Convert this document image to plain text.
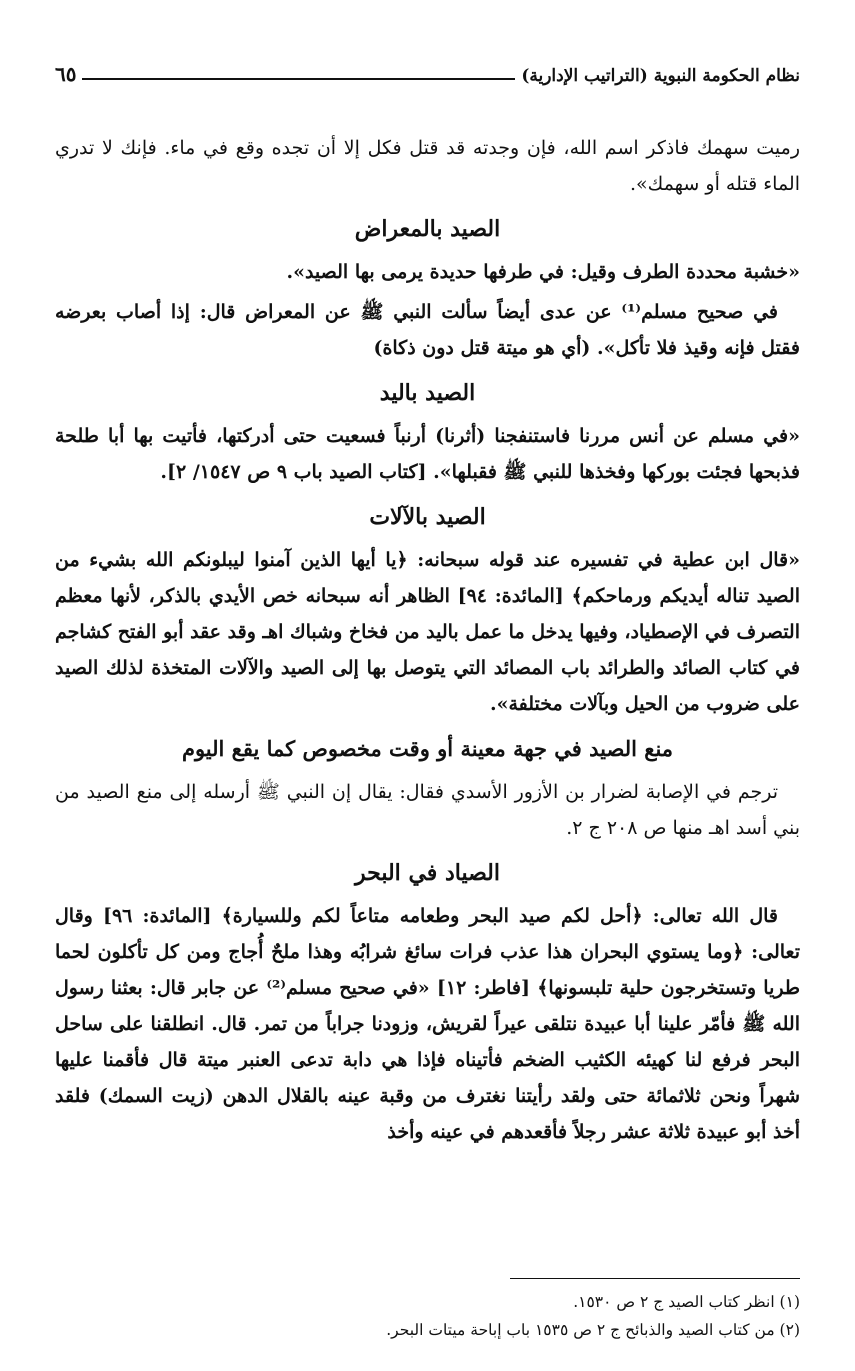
نظام الحكومة النبوية (التراتيب الإدارية)
٦٥

رميت سهمك فاذكر اسم الله، فإن وجدته قد قتل فكل إلا أن تجده وقع في ماء. فإنك لا تدري الماء قتله أو سهمك».

الصيد بالمعراض

«خشبة محددة الطرف وقيل: في طرفها حديدة يرمى بها الصيد».

في صحيح مسلم⁽¹⁾ عن عدى أيضاً سألت النبي ﷺ عن المعراض قال: إذا أصاب بعرضه فقتل فإنه وقيذ فلا تأكل». (أي هو ميتة قتل دون ذكاة)

الصيد باليد

«في مسلم عن أنس مررنا فاستنفجنا (أثرنا) أرنباً فسعيت حتى أدركتها، فأتيت بها أبا طلحة فذبحها فجئت بوركها وفخذها للنبي ﷺ فقبلها». [كتاب الصيد باب ٩ ص ١٥٤٧/ ٢].

الصيد بالآلات

«قال ابن عطية في تفسيره عند قوله سبحانه: ﴿يا أيها الذين آمنوا ليبلونكم الله بشيء من الصيد تناله أيديكم ورماحكم﴾ [المائدة: ٩٤] الظاهر أنه سبحانه خص الأيدي بالذكر، لأنها معظم التصرف في الإصطياد، وفيها يدخل ما عمل باليد من فخاخ وشباك اهـ وقد عقد أبو الفتح كشاجم في كتاب الصائد والطرائد باب المصائد التي يتوصل بها إلى الصيد والآلات المتخذة لذلك الصيد على ضروب من الحيل وبآلات مختلفة».

منع الصيد في جهة معينة أو وقت مخصوص كما يقع اليوم

ترجم في الإصابة لضرار بن الأزور الأسدي فقال: يقال إن النبي ﷺ أرسله إلى منع الصيد من بني أسد اهـ منها ص ٢٠٨ ج ٢.

الصياد في البحر

قال الله تعالى: ﴿أحل لكم صيد البحر وطعامه متاعاً لكم وللسيارة﴾ [المائدة: ٩٦] وقال تعالى: ﴿وما يستوي البحران هذا عذب فرات سائغ شرابُه وهذا ملحٌ أُجاج ومن كل تأكلون لحما طريا وتستخرجون حلية تلبسونها﴾ [فاطر: ١٢] «في صحيح مسلم⁽²⁾ عن جابر قال: بعثنا رسول الله ﷺ فأمّر علينا أبا عبيدة نتلقى عيراً لقريش، وزودنا جراباً من تمر. قال. انطلقنا على ساحل البحر فرفع لنا كهيئه الكثيب الضخم فأتيناه فإذا هي دابة تدعى العنبر ميتة قال فأقمنا عليها شهراً ونحن ثلاثمائة حتى ولقد رأيتنا نغترف من وقبة عينه بالقلال الدهن (زيت السمك) فلقد أخذ أبو عبيدة ثلاثة عشر رجلاً فأقعدهم في عينه وأخذ

(١) انظر كتاب الصيد ج ٢ ص ١٥٣٠.

(٢) من كتاب الصيد والذبائح ج ٢ ص ١٥٣٥ باب إباحة ميتات البحر.
